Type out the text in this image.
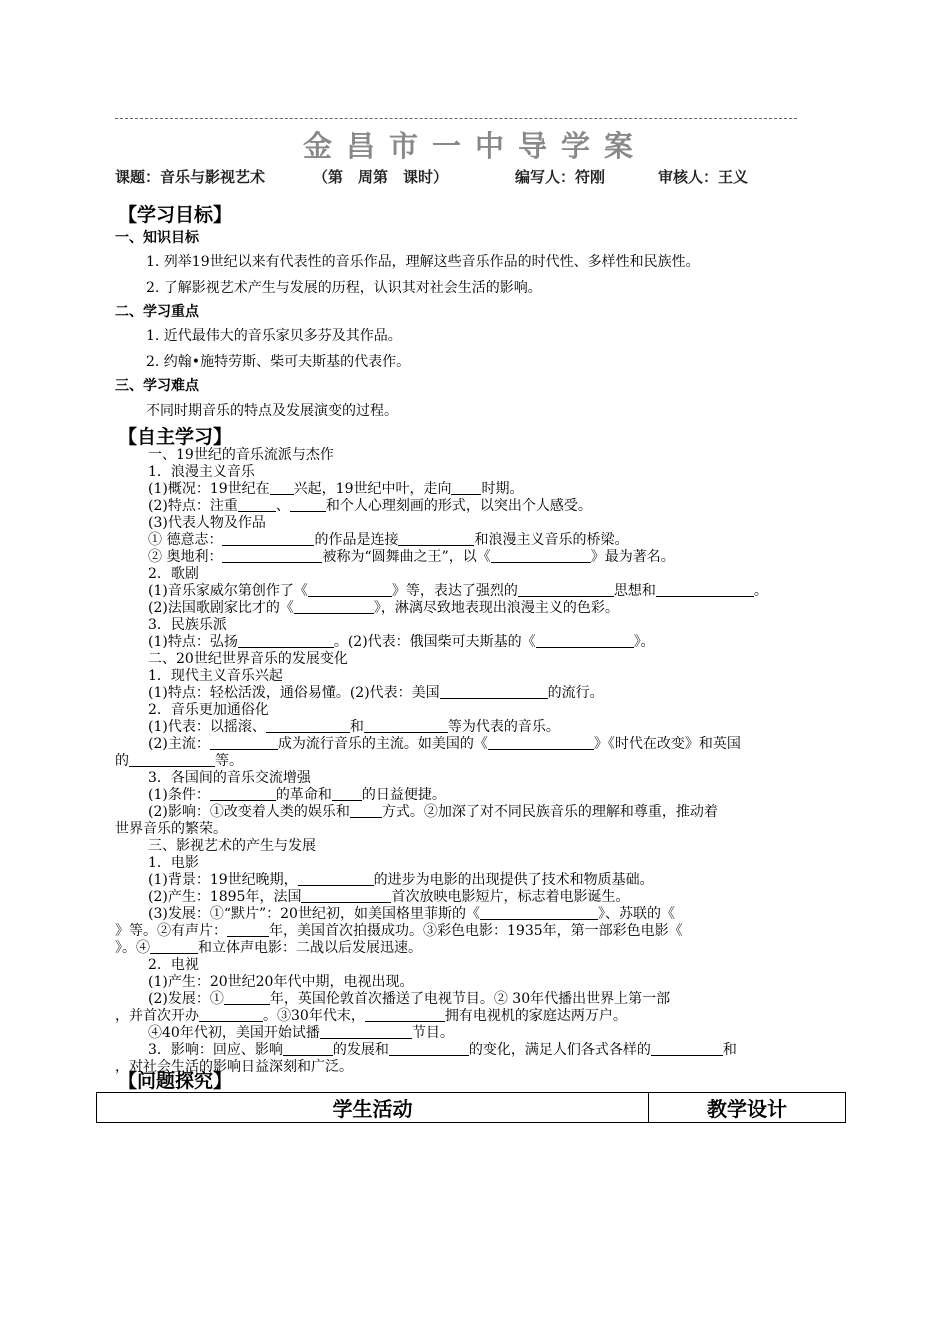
金昌市一中导学案
课题：音乐与影视艺术	（第　周第　课时）	编写人：符刚	审核人：王义
【学习目标】
一、知识目标
1. 列举19世纪以来有代表性的音乐作品，理解这些音乐作品的时代性、多样性和民族性。
2. 了解影视艺术产生与发展的历程，认识其对社会生活的影响。
二、学习重点
1. 近代最伟大的音乐家贝多芬及其作品。
2. 约翰•施特劳斯、柴可夫斯基的代表作。
三、学习难点
不同时期音乐的特点及发展演变的过程。
【自主学习】
一、19世纪的音乐流派与杰作
1．浪漫主义音乐
(1)概况：19世纪在 兴起，19世纪中叶，走向 时期。
(2)特点：注重	、	和个人心理刻画的形式，以突出个人感受。
(3)代表人物及作品
① 德意志：	的作品是连接	和浪漫主义音乐的桥梁。
② 奥地利：	被称为“圆舞曲之王”，以《	》最为著名。
2．歌剧
(1)音乐家威尔第创作了《	》等，表达了强烈的	思想和	。
(2)法国歌剧家比才的《	》，淋漓尽致地表现出浪漫主义的色彩。
3．民族乐派
(1)特点：弘扬	。(2)代表：俄国柴可夫斯基的《	》。
二、20世纪世界音乐的发展变化
1．现代主义音乐兴起
(1)特点：轻松活泼，通俗易懂。(2)代表：美国	的流行。
2．音乐更加通俗化
(1)代表：以摇滚、	和	等为代表的音乐。
(2)主流：	成为流行音乐的主流。如美国的《	》《时代在改变》和英国
的	等。
3．各国间的音乐交流增强
(1)条件：	的革命和 的日益便捷。
(2)影响：①改变着人类的娱乐和 方式。②加深了对不同民族音乐的理解和尊重，推动着
世界音乐的繁荣。
三、影视艺术的产生与发展
1．电影
(1)背景：19世纪晚期，	的进步为电影的出现提供了技术和物质基础。
(2)产生：1895年，法国	首次放映电影短片，标志着电影诞生。
(3)发展：①“默片”：20世纪初，如美国格里菲斯的《	》、苏联的《
》等。②有声片：	年，美国首次拍摄成功。③彩色电影：1935年，第一部彩色电影《
》。④	和立体声电影：二战以后发展迅速。
2．电视
(1)产生：20世纪20年代中期，电视出现。
(2)发展：①	年，英国伦敦首次播送了电视节目。② 30年代播出世界上第一部
，并首次开办	。③30年代末，	拥有电视机的家庭达两万户。
④40年代初，美国开始试播	节目。
3．影响：回应、影响	的发展和	的变化，满足人们各式各样的	和
，对社会生活的影响日益深刻和广泛。
【问题探究】
学生活动	教学设计
